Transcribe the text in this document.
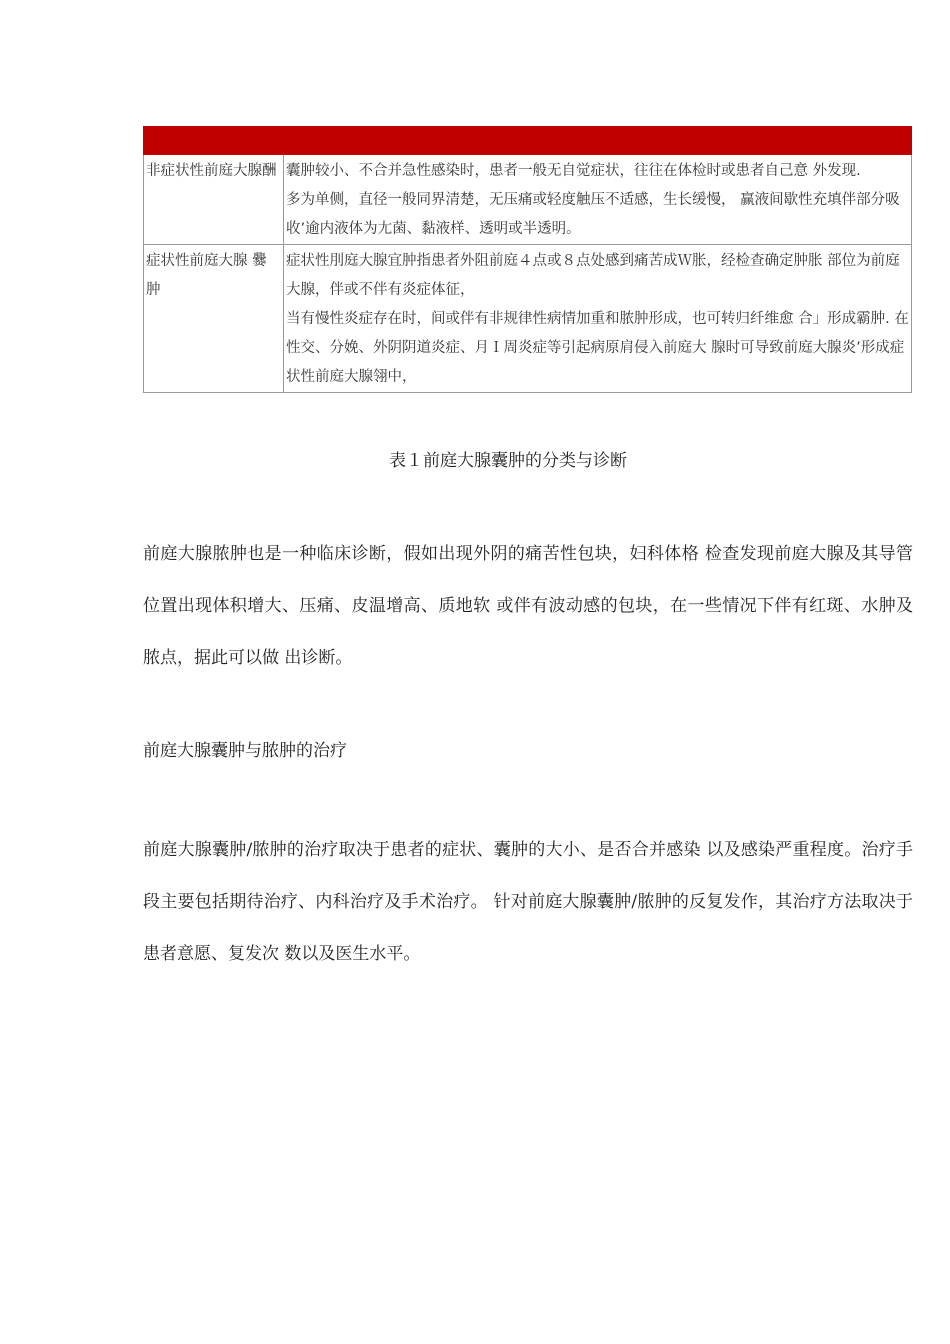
非症状性前庭大腺酬	囊肿较小、不合并急性感染时，患者一般无自觉症状，往往在体检时或患者自己意 外发现.
多为单侧，直径一般同界清楚，无压痛或轻度触压不适感，生长缓慢， 赢液间歇性充填伴部分吸收’逾内液体为尢菌、黏液样、透明或半透明。

症状性前庭大腺 爨肿	症状性刖庭大腺宜肿指患者外阻前庭４点或８点处感到痛苦成Ｗ胀，经检查确定肿胀 部位为前庭大腺，伴或不伴有炎症体征，
当有慢性炎症存在时，间或伴有非规律性病情加重和脓肿形成，也可转归纤维愈 合」形成霸肿. 在性交、分娩、外阴阴道炎症、月Ｉ周炎症等引起病原肩侵入前庭大 腺时可导致前庭大腺炎’形成症状性前庭大腺翎中，
表１前庭大腺囊肿的分类与诊断
前庭大腺脓肿也是一种临床诊断，假如出现外阴的痛苦性包块，妇科体格 检查发现前庭大腺及其导管位置出现体积增大、压痛、皮温增高、质地软 或伴有波动感的包块，在一些情况下伴有红斑、水肿及脓点，据此可以做 出诊断。
前庭大腺囊肿与脓肿的治疗
前庭大腺囊肿/脓肿的治疗取决于患者的症状、囊肿的大小、是否合并感染 以及感染严重程度。治疗手段主要包括期待治疗、内科治疗及手术治疗。 针对前庭大腺囊肿/脓肿的反复发作，其治疗方法取决于患者意愿、复发次 数以及医生水平。
